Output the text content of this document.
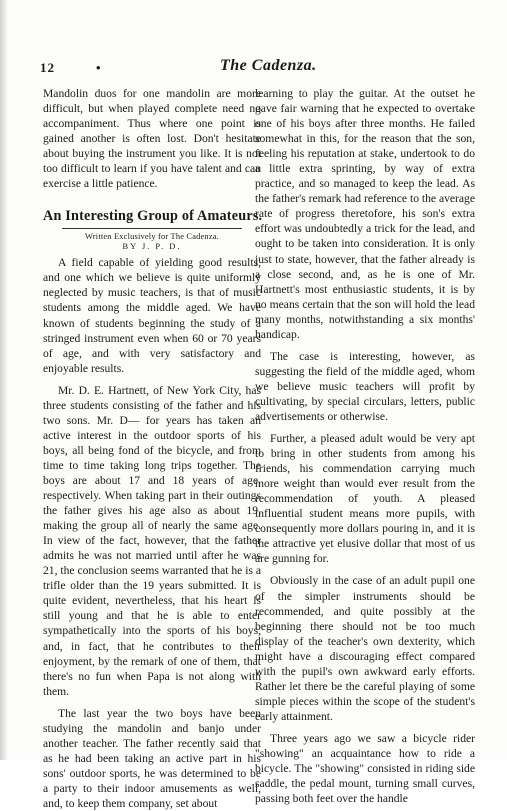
12	•	The Cadenza.

Mandolin duos for one mandolin are more difficult, but when played complete need no accompaniment. Thus where one point is gained another is often lost. Don't hesitate about buying the instrument you like. It is not too difficult to learn if you have talent and can exercise a little patience.

An Interesting Group of Amateurs.
Written Exclusively for The Cadenza.
BY J. P. D.

A field capable of yielding good results, and one which we believe is quite uniformly neglected by music teachers, is that of music students among the middle aged. We have known of students beginning the study of a stringed instrument even when 60 or 70 years of age, and with very satisfactory and enjoyable results.

Mr. D. E. Hartnett, of New York City, has three students consisting of the father and his two sons. Mr. D— for years has taken an active interest in the outdoor sports of his boys, all being fond of the bicycle, and from time to time taking long trips together. The boys are about 17 and 18 years of age, respectively. When taking part in their outings the father gives his age also as about 19, making the group all of nearly the same age. In view of the fact, however, that the father admits he was not married until after he was 21, the conclusion seems warranted that he is a trifle older than the 19 years submitted. It is quite evident, nevertheless, that his heart is still young and that he is able to enter sympathetically into the sports of his boys, and, in fact, that he contributes to their enjoyment, by the remark of one of them, that there's no fun when Papa is not along with them.

The last year the two boys have been studying the mandolin and banjo under another teacher. The father recently said that as he had been taking an active part in his sons' outdoor sports, he was determined to be a party to their indoor amusements as well, and, to keep them company, set about

learning to play the guitar. At the outset he gave fair warning that he expected to overtake one of his boys after three months. He failed somewhat in this, for the reason that the son, feeling his reputation at stake, undertook to do a little extra sprinting, by way of extra practice, and so managed to keep the lead. As the father's remark had reference to the average rate of progress theretofore, his son's extra effort was undoubtedly a trick for the lead, and ought to be taken into consideration. It is only just to state, however, that the father already is a close second, and, as he is one of Mr. Hartnett's most enthusiastic students, it is by no means certain that the son will hold the lead many months, notwithstanding a six months' handicap.

The case is interesting, however, as suggesting the field of the middle aged, whom we believe music teachers will profit by cultivating, by special circulars, letters, public advertisements or otherwise.

Further, a pleased adult would be very apt to bring in other students from among his friends, his commendation carrying much more weight than would ever result from the recommendation of youth. A pleased influential student means more pupils, with consequently more dollars pouring in, and it is the attractive yet elusive dollar that most of us are gunning for.

Obviously in the case of an adult pupil one of the simpler instruments should be recommended, and quite possibly at the beginning there should not be too much display of the teacher's own dexterity, which might have a discouraging effect compared with the pupil's own awkward early efforts. Rather let there be the careful playing of some simple pieces within the scope of the student's early attainment.

Three years ago we saw a bicycle rider "showing" an acquaintance how to ride a bicycle. The "showing" consisted in riding side saddle, the pedal mount, turning small curves, passing both feet over the handle
